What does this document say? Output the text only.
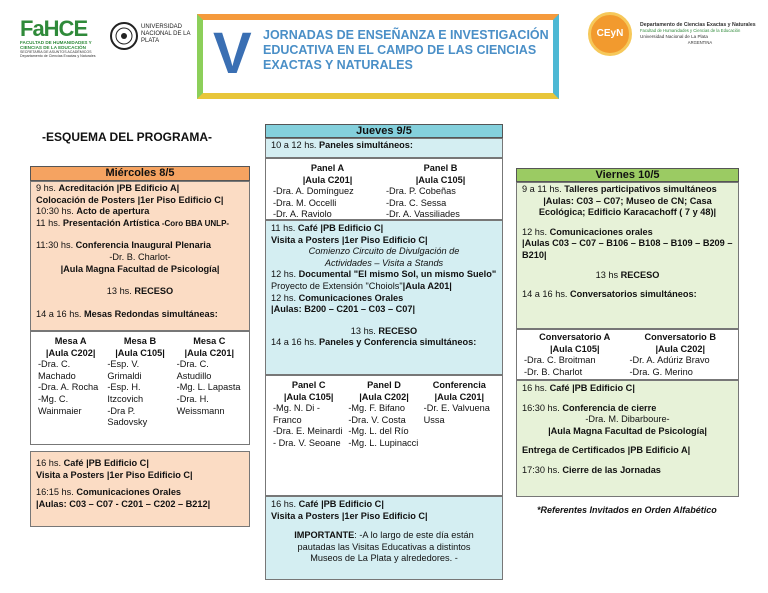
FaHCE
FACULTAD DE HUMANIDADES Y CIENCIAS DE LA EDUCACIÓN
SECRETARÍA DE ASUNTOS ACADÉMICOS
Departamento de Ciencias Exactas y Naturales
UNIVERSIDAD NACIONAL DE LA PLATA V JORNADAS DE ENSEÑANZA E INVESTIGACIÓN
EDUCATIVA EN EL CAMPO DE LAS CIENCIAS
EXACTAS Y NATURALES
CEyN
Departamento de Ciencias Exactas y Naturales
Facultad de Humanidades y Ciencias de la Educación
Universidad Nacional de La Plata
ARGENTINA
-ESQUEMA DEL PROGRAMA-
Miércoles 8/5
9 hs. Acreditación |PB Edificio A|
Colocación de Posters |1er Piso Edificio C|
10:30 hs. Acto de apertura
11 hs. Presentación Artística -Coro BBA UNLP-
11:30 hs. Conferencia Inaugural Plenaria
-Dr. B. Charlot-
|Aula Magna Facultad de Psicología|
13 hs. RECESO
14 a 16 hs. Mesas Redondas simultáneas:
Mesa A
|Aula C202|
-Dra. C. Machado
-Dra. A. Rocha
-Mg. C. Wainmaier
Mesa B
|Aula C105|
-Esp. V. Grimaldi
-Esp. H. Itzcovich
-Dra P. Sadovsky
Mesa C
|Aula C201|
-Dra. C. Astudillo
-Mg. L. Lapasta
-Dra. H. Weissmann
16 hs. Café |PB Edificio C|
Visita a Posters |1er Piso Edificio C|
16:15 hs. Comunicaciones Orales
|Aulas: C03 – C07 - C201 – C202 – B212|
Jueves 9/5
10 a 12 hs. Paneles simultáneos:
Panel A
|Aula C201|
-Dra. A. Domínguez
-Dra. M. Occelli
-Dr. A. Raviolo
Panel B
|Aula C105|
-Dra. P. Cobeñas
-Dra. C. Sessa
-Dr. A. Vassiliades
11 hs. Café |PB Edificio C|
Visita a Posters |1er Piso Edificio C|
Comienzo Circuito de Divulgación de Actividades – Visita a Stands
12 hs. Documental "El mismo Sol, un mismo Suelo" Proyecto de Extensión "Choiols"|Aula A201|
12 hs. Comunicaciones Orales
|Aulas: B200 – C201 – C03 – C07|
13 hs. RECESO
14 a 16 hs. Paneles y Conferencia simultáneos:
Panel C
|Aula C105|
-Mg. N. Di -Franco
-Dra. E. Meinardi
- Dra. V. Seoane
Panel D
|Aula C202|
-Mg. F. Bifano
-Dra. V. Costa
-Mg. L. del Río
-Mg. L. Lupinacci
Conferencia
|Aula C201|
-Dr. E. Valvuena Ussa
16 hs. Café |PB Edificio C|
Visita a Posters |1er Piso Edificio C|
IMPORTANTE: -A lo largo de este día están pautadas las Visitas Educativas a distintos Museos de La Plata y alrededores. -
Viernes 10/5
9 a 11 hs. Talleres participativos simultáneos
|Aulas: C03 – C07; Museo de CN; Casa Ecológica; Edificio Karacachoff ( 7 y 48)|
12 hs. Comunicaciones orales
|Aulas C03 – C07 – B106 – B108 – B109 – B209 – B210|
13 hs RECESO
14 a 16 hs. Conversatorios simultáneos:
Conversatorio A
|Aula C105|
-Dra. C. Broitman
-Dr. B. Charlot
Conversatorio B
|Aula C202|
-Dr. A. Adúriz Bravo
-Dra. G. Merino
16 hs. Café |PB Edificio C|
16:30 hs. Conferencia de cierre
-Dra. M. Dibarboure-
|Aula Magna Facultad de Psicología|
Entrega de Certificados |PB Edificio A|
17:30 hs. Cierre de las Jornadas
*Referentes Invitados en Orden Alfabético
